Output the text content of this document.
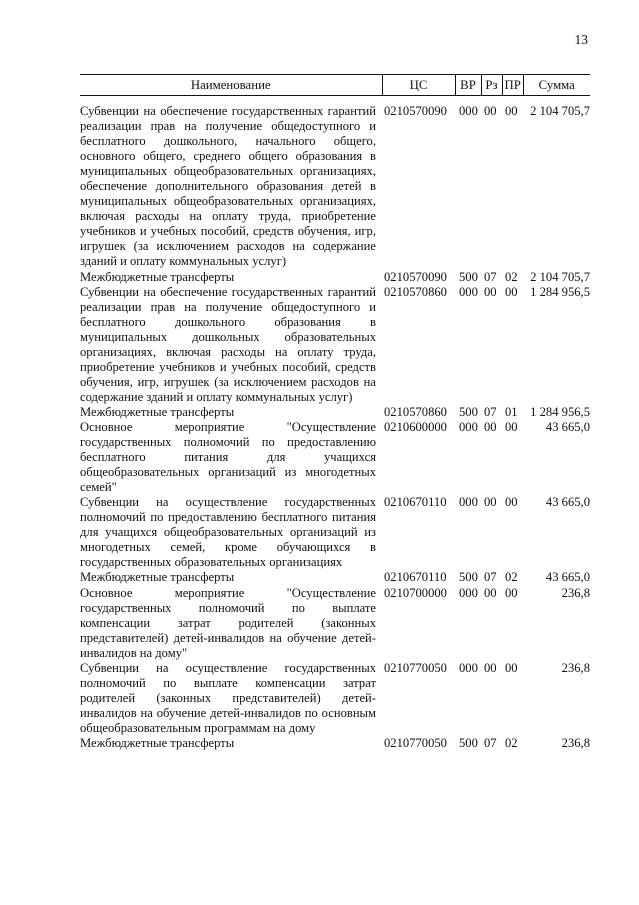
13
Наименование	ЦС	ВР	Рз	ПР	Сумма
Субвенции на обеспечение государственных гарантий реализации прав на получение общедоступного и бесплатного дошкольного, начального общего, основного общего, среднего общего образования в муниципальных общеобразовательных организациях, обеспечение дополнительного образования детей в муниципальных общеобразовательных организациях, включая расходы на оплату труда, приобретение учебников и учебных пособий, средств обучения, игр, игрушек (за исключением расходов на содержание зданий и оплату коммунальных услуг)	0210570090	000	00	00	2 104 705,7
Межбюджетные трансферты	0210570090	500	07	02	2 104 705,7
Субвенции на обеспечение государственных гарантий реализации прав на получение общедоступного и бесплатного дошкольного образования в муниципальных дошкольных образовательных организациях, включая расходы на оплату труда, приобретение учебников и учебных пособий, средств обучения, игр, игрушек (за исключением расходов на содержание зданий и оплату коммунальных услуг)	0210570860	000	00	00	1 284 956,5
Межбюджетные трансферты	0210570860	500	07	01	1 284 956,5
Основное мероприятие "Осуществление государственных полномочий по предоставлению бесплатного питания для учащихся общеобразовательных организаций из многодетных семей"	0210600000	000	00	00	43 665,0
Субвенции на осуществление государственных полномочий по предоставлению бесплатного питания для учащихся общеобразовательных организаций из многодетных семей, кроме обучающихся в государственных образовательных организациях	0210670110	000	00	00	43 665,0
Межбюджетные трансферты	0210670110	500	07	02	43 665,0
Основное мероприятие "Осуществление государственных полномочий по выплате компенсации затрат родителей (законных представителей) детей-инвалидов на обучение детей-инвалидов на дому"	0210700000	000	00	00	236,8
Субвенции на осуществление государственных полномочий по выплате компенсации затрат родителей (законных представителей) детей-инвалидов на обучение детей-инвалидов по основным общеобразовательным программам на дому	0210770050	000	00	00	236,8
Межбюджетные трансферты	0210770050	500	07	02	236,8
